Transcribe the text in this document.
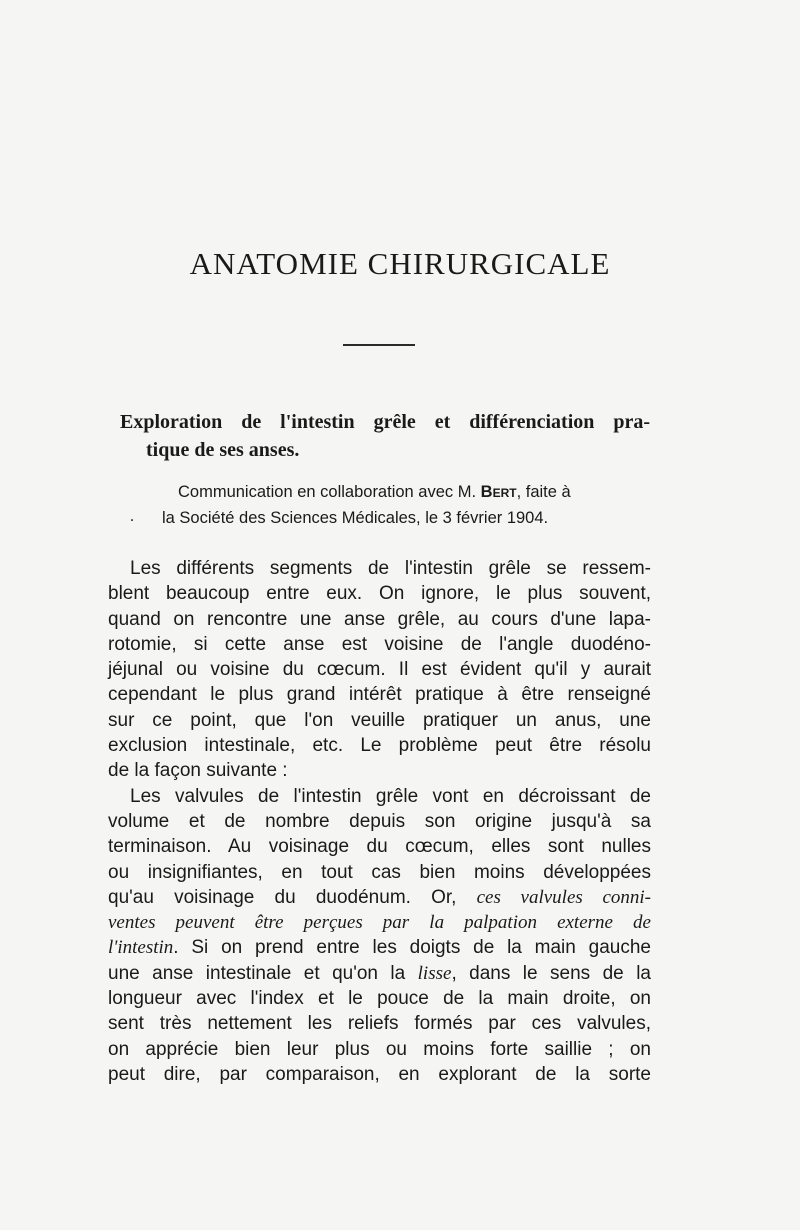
ANATOMIE CHIRURGICALE
Exploration de l'intestin grêle et différenciation pra-
tique de ses anses.
Communication en collaboration avec M. Bert, faite à
la Société des Sciences Médicales, le 3 février 1904.
.

Les différents segments de l'intestin grêle se ressem-
blent beaucoup entre eux. On ignore, le plus souvent,
quand on rencontre une anse grêle, au cours d'une lapa-
rotomie, si cette anse est voisine de l'angle duodéno-
jéjunal ou voisine du cœcum. Il est évident qu'il y aurait
cependant le plus grand intérêt pratique à être renseigné
sur ce point, que l'on veuille pratiquer un anus, une
exclusion intestinale, etc. Le problème peut être résolu
de la façon suivante :

Les valvules de l'intestin grêle vont en décroissant de
volume et de nombre depuis son origine jusqu'à sa
terminaison. Au voisinage du cœcum, elles sont nulles
ou insignifiantes, en tout cas bien moins développées
qu'au voisinage du duodénum. Or, ces valvules conni-
ventes peuvent être perçues par la palpation externe de
l'intestin. Si on prend entre les doigts de la main gauche
une anse intestinale et qu'on la lisse, dans le sens de la
longueur avec l'index et le pouce de la main droite, on
sent très nettement les reliefs formés par ces valvules,
on apprécie bien leur plus ou moins forte saillie ; on
peut dire, par comparaison, en explorant de la sorte
